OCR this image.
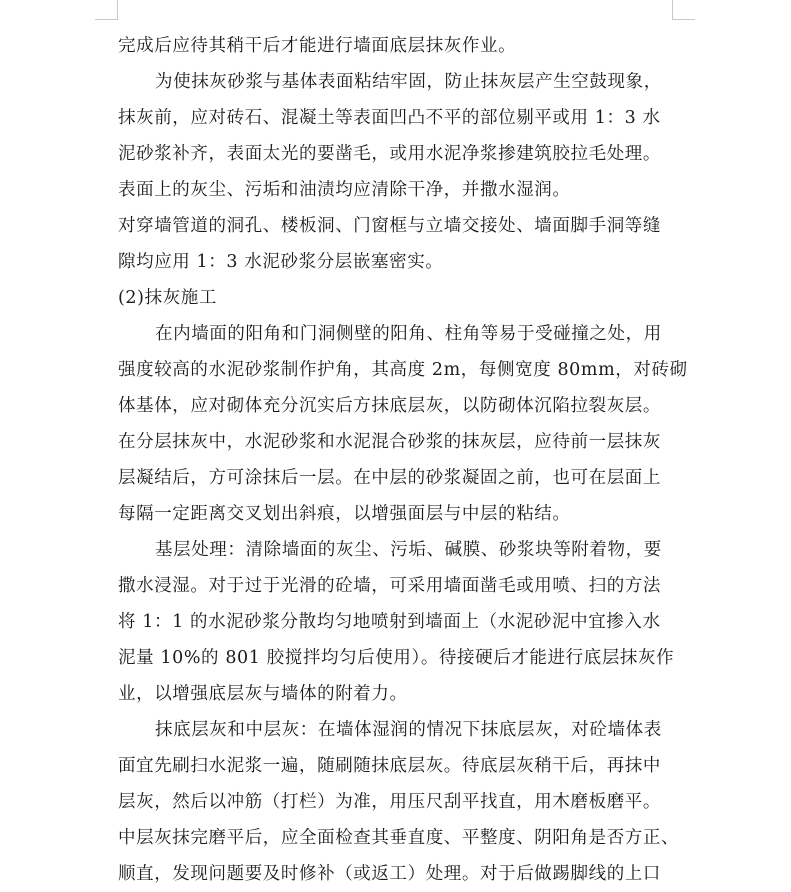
完成后应待其稍干后才能进行墙面底层抹灰作业。
为使抹灰砂浆与基体表面粘结牢固，防止抹灰层产生空鼓现象，
抹灰前，应对砖石、混凝土等表面凹凸不平的部位剔平或用 1：3 水
泥砂浆补齐，表面太光的要凿毛，或用水泥净浆掺建筑胶拉毛处理。
表面上的灰尘、污垢和油渍均应清除干净，并撒水湿润。
对穿墙管道的洞孔、楼板洞、门窗框与立墙交接处、墙面脚手洞等缝
隙均应用 1：3 水泥砂浆分层嵌塞密实。
(2)抹灰施工
在内墙面的阳角和门洞侧壁的阳角、柱角等易于受碰撞之处，用
强度较高的水泥砂浆制作护角，其高度 2m，每侧宽度 80mm，对砖砌
体基体，应对砌体充分沉实后方抹底层灰，以防砌体沉陷拉裂灰层。
在分层抹灰中，水泥砂浆和水泥混合砂浆的抹灰层，应待前一层抹灰
层凝结后，方可涂抹后一层。在中层的砂浆凝固之前，也可在层面上
每隔一定距离交叉划出斜痕，以增强面层与中层的粘结。
基层处理：清除墙面的灰尘、污垢、碱膜、砂浆块等附着物，要
撒水浸湿。对于过于光滑的砼墙，可采用墙面凿毛或用喷、扫的方法
将 1：1 的水泥砂浆分散均匀地喷射到墙面上（水泥砂泥中宜掺入水
泥量 10%的 801 胶搅拌均匀后使用）。待接硬后才能进行底层抹灰作
业，以增强底层灰与墙体的附着力。
抹底层灰和中层灰：在墙体湿润的情况下抹底层灰，对砼墙体表
面宜先刷扫水泥浆一遍，随刷随抹底层灰。待底层灰稍干后，再抹中
层灰，然后以冲筋（打栏）为准，用压尺刮平找直，用木磨板磨平。
中层灰抹完磨平后，应全面检查其垂直度、平整度、阴阳角是否方正、
顺直，发现问题要及时修补（或返工）处理。对于后做踢脚线的上口
